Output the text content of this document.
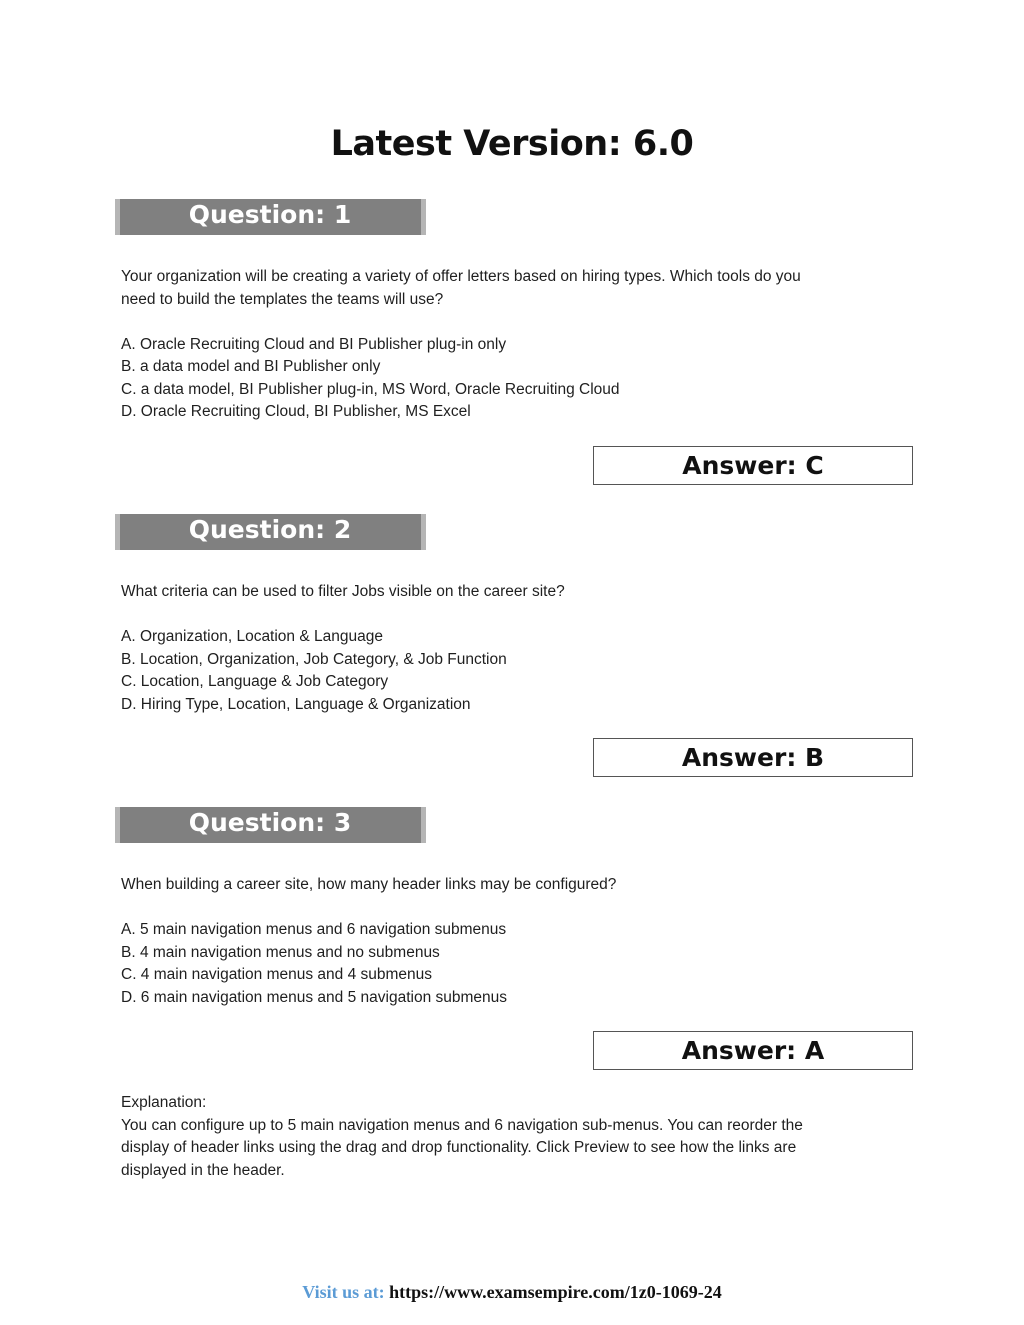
Latest Version: 6.0
Question: 1

Your organization will be creating a variety of offer letters based on hiring types. Which tools do you

need to build the templates the teams will use?

A. Oracle Recruiting Cloud and BI Publisher plug-in only

B. a data model and BI Publisher only

C. a data model, BI Publisher plug-in, MS Word, Oracle Recruiting Cloud

D. Oracle Recruiting Cloud, BI Publisher, MS Excel

Answer: C
Question: 2

What criteria can be used to filter Jobs visible on the career site?

A. Organization, Location & Language

B. Location, Organization, Job Category, & Job Function

C. Location, Language & Job Category

D. Hiring Type, Location, Language & Organization

Answer: B
Question: 3

When building a career site, how many header links may be configured?

A. 5 main navigation menus and 6 navigation submenus

B. 4 main navigation menus and no submenus

C. 4 main navigation menus and 4 submenus

D. 6 main navigation menus and 5 navigation submenus

Answer: A

Explanation:

You can configure up to 5 main navigation menus and 6 navigation sub-menus. You can reorder the

display of header links using the drag and drop functionality. Click Preview to see how the links are

displayed in the header.

Visit us at: https://www.examsempire.com/1z0-1069-24
